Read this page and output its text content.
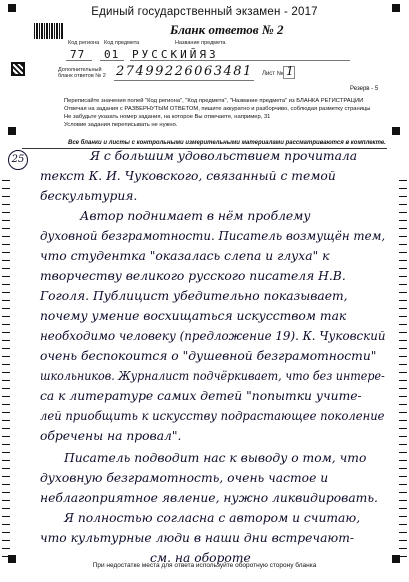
Единый государственный экзамен - 2017
Бланк ответов № 2
Код региона Код предмета	Название предмета
77 01 РУССКИЙЯЗ
Дополнительный бланк ответов № 2 27499226063481 Лист № 1
Резерв - 5
Переписайте значения полей "Код региона", "Код предмета", "Название предмета" из БЛАНКА РЕГИСТРАЦИИ
Отвечая на задания с РАЗВЕРНУТЫМ ОТВЕТОМ, пишите аккуратно и разборчиво, соблюдая разметку страницы
Не забудьте указать номер задания, на которое Вы отвечаете, например, 31
Условие задания переписывать не нужно.
Все бланки и листы с контрольными измерительными материалами рассматриваются в комплекте.
25	Я с большим удовольствием прочитала
текст К. И. Чуковского, связанный с темой
бескультурия.
Автор поднимает в нём проблему
духовной безграмотности. Писатель возмущён тем,
что студентка "оказалась слепа и глуха" к
творчеству великого русского писателя Н.В.
Гоголя. Публицист убедительно показывает,
почему умение восхищаться искусством так
необходимо человеку (предложение 19). К. Чуковский
очень беспокоится о "душевной безграмотности"
школьников. Журналист подчёркивает, что без интере-
са к литературе самих детей "попытки учите-
лей приобщить к искусству подрастающее поколение
обречены на провал".
Писатель подводит нас к выводу о том, что
духовную безграмотность, очень частое и
неблагоприятное явление, нужно ликвидировать.
Я полностью согласна с автором и считаю,
что культурные люди в наши дни встречают-
см. на обороте
При недостатке места для ответа используйте оборотную сторону бланка
